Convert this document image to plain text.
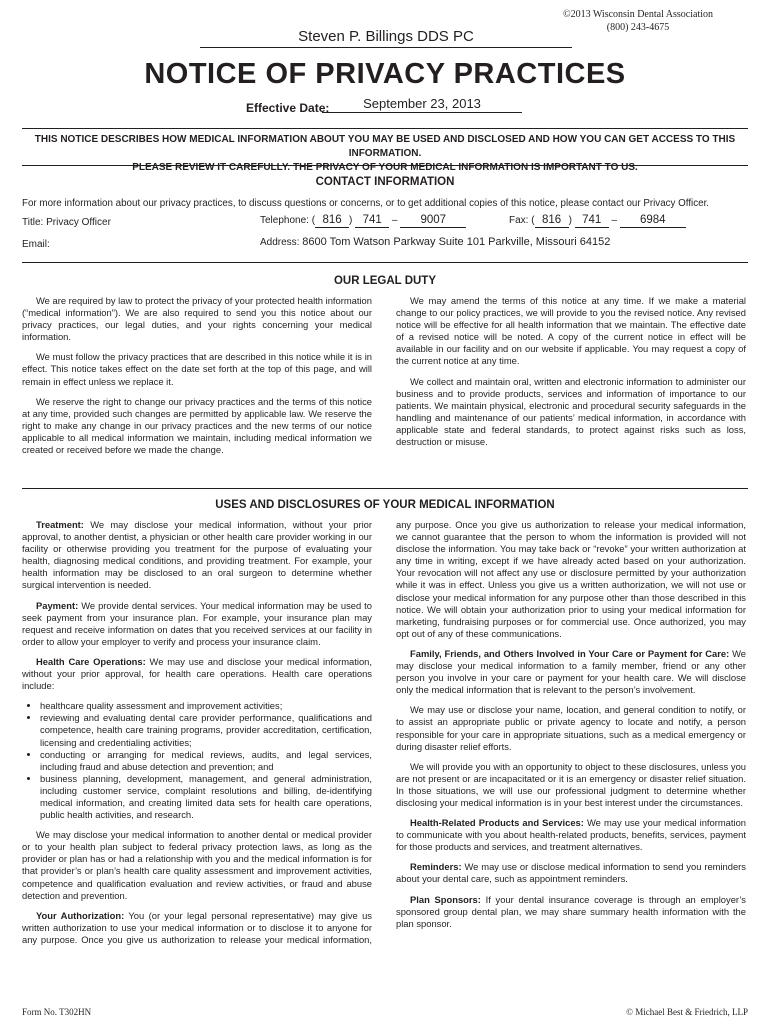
©2013 Wisconsin Dental Association
(800) 243-4675
Steven P. Billings DDS PC
NOTICE OF PRIVACY PRACTICES
Effective Date:	September 23, 2013
THIS NOTICE DESCRIBES HOW MEDICAL INFORMATION ABOUT YOU MAY BE USED AND DISCLOSED AND HOW YOU CAN GET ACCESS TO THIS INFORMATION.
PLEASE REVIEW IT CAREFULLY. THE PRIVACY OF YOUR MEDICAL INFORMATION IS IMPORTANT TO US.
CONTACT INFORMATION
For more information about our privacy practices, to discuss questions or concerns, or to get additional copies of this notice, please contact our Privacy Officer.
Title: Privacy Officer	Telephone: ( 816 ) 741 – 9007	Fax: ( 816 ) 741 – 6984
Email:	Address: 8600 Tom Watson Parkway Suite 101 Parkville, Missouri 64152
OUR LEGAL DUTY

We are required by law to protect the privacy of your protected health information (“medical information”). We are also required to send you this notice about our privacy practices, our legal duties, and your rights concerning your medical information.

We must follow the privacy practices that are described in this notice while it is in effect. This notice takes effect on the date set forth at the top of this page, and will remain in effect unless we replace it.

We reserve the right to change our privacy practices and the terms of this notice at any time, provided such changes are permitted by applicable law. We reserve the right to make any change in our privacy practices and the new terms of our notice applicable to all medical information we maintain, including medical information we created or received before we made the change.

We may amend the terms of this notice at any time. If we make a material change to our policy practices, we will provide to you the revised notice. Any revised notice will be effective for all health information that we maintain. The effective date of a revised notice will be noted. A copy of the current notice in effect will be available in our facility and on our website if applicable. You may request a copy of the current notice at any time.

We collect and maintain oral, written and electronic information to administer our business and to provide products, services and information of importance to our patients. We maintain physical, electronic and procedural security safeguards in the handling and maintenance of our patients’ medical information, in accordance with applicable state and federal standards, to protect against risks such as loss, destruction or misuse.

USES AND DISCLOSURES OF YOUR MEDICAL INFORMATION

Treatment: We may disclose your medical information, without your prior approval, to another dentist, a physician or other health care provider working in our facility or otherwise providing you treatment for the purpose of evaluating your health, diagnosing medical conditions, and providing treatment. For example, your health information may be disclosed to an oral surgeon to determine whether surgical intervention is needed.

Payment: We provide dental services. Your medical information may be used to seek payment from your insurance plan. For example, your insurance plan may request and receive information on dates that you received services at our facility in order to allow your employer to verify and process your insurance claim.

Health Care Operations: We may use and disclose your medical information, without your prior approval, for health care operations. Health care operations include:

• healthcare quality assessment and improvement activities;
• reviewing and evaluating dental care provider performance, qualifications and competence, health care training programs, provider accreditation, certification, licensing and credentialing activities;
• conducting or arranging for medical reviews, audits, and legal services, including fraud and abuse detection and prevention; and
• business planning, development, management, and general administration, including customer service, complaint resolutions and billing, de-identifying medical information, and creating limited data sets for health care operations, public health activities, and research.

We may disclose your medical information to another dental or medical provider or to your health plan subject to federal privacy protection laws, as long as the provider or plan has or had a relationship with you and the medical information is for that provider’s or plan’s health care quality assessment and improvement activities, competence and qualification evaluation and review activities, or fraud and abuse detection and prevention.

Your Authorization: You (or your legal personal representative) may give us written authorization to use your medical information or to disclose it to anyone for any purpose. Once you give us authorization to release your medical information,

any purpose. Once you give us authorization to release your medical information, we cannot guarantee that the person to whom the information is provided will not disclose the information. You may take back or “revoke” your written authorization at any time in writing, except if we have already acted based on your authorization. Your revocation will not affect any use or disclosure permitted by your authorization while it was in effect. Unless you give us a written authorization, we will not use or disclose your medical information for any purpose other than those described in this notice. We will obtain your authorization prior to using your medical information for marketing, fundraising purposes or for commercial use. Once authorized, you may opt out of any of these communications.

Family, Friends, and Others Involved in Your Care or Payment for Care: We may disclose your medical information to a family member, friend or any other person you involve in your care or payment for your health care. We will disclose only the medical information that is relevant to the person’s involvement.

We may use or disclose your name, location, and general condition to notify, or to assist an appropriate public or private agency to locate and notify, a person responsible for your care in appropriate situations, such as a medical emergency or during disaster relief efforts.

We will provide you with an opportunity to object to these disclosures, unless you are not present or are incapacitated or it is an emergency or disaster relief situation. In those situations, we will use our professional judgment to determine whether disclosing your medical information is in your best interest under the circumstances.

Health-Related Products and Services: We may use your medical information to communicate with you about health-related products, benefits, services, payment for those products and services, and treatment alternatives.

Reminders: We may use or disclose medical information to send you reminders about your dental care, such as appointment reminders.

Plan Sponsors: If your dental insurance coverage is through an employer’s sponsored group dental plan, we may share summary health information with the plan sponsor.

Form No. T302HN	© Michael Best & Friedrich, LLP
